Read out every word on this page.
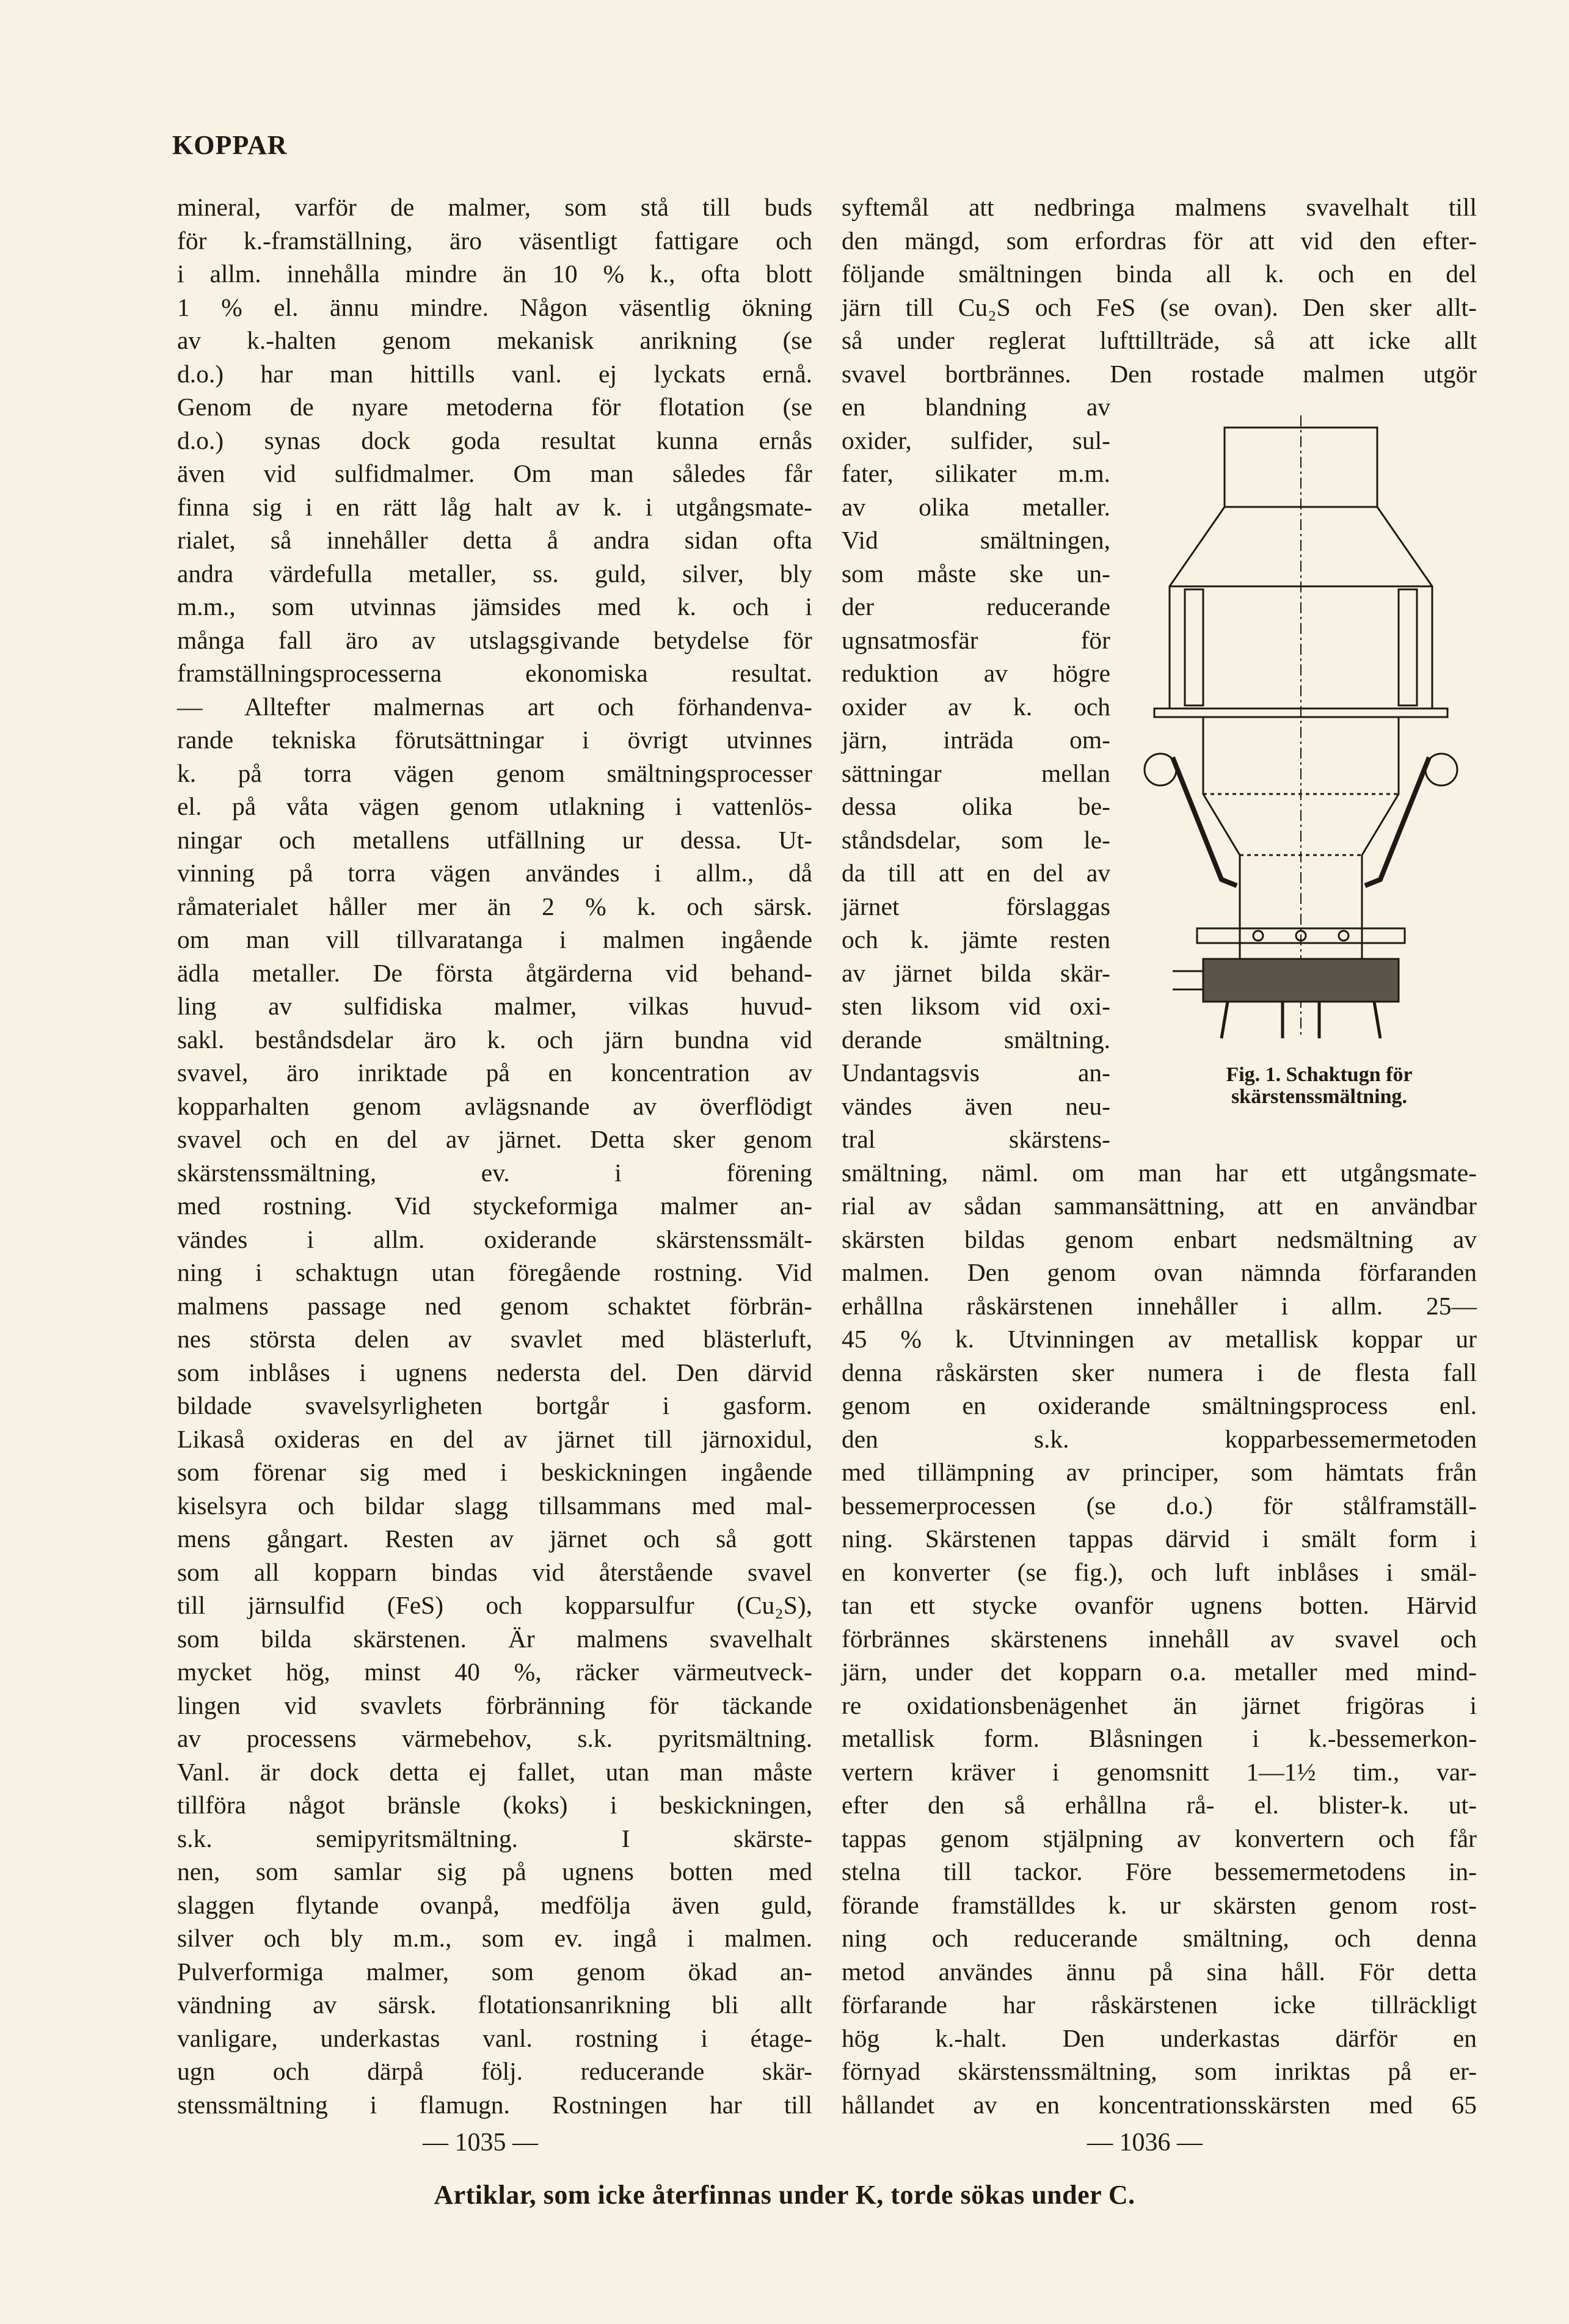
KOPPAR
mineral, varför de malmer, som stå till buds
för k.-framställning, äro väsentligt fattigare och
i allm. innehålla mindre än 10 % k., ofta blott
1 % el. ännu mindre. Någon väsentlig ökning
av k.-halten genom mekanisk anrikning (se
d.o.) har man hittills vanl. ej lyckats ernå.
Genom de nyare metoderna för flotation (se
d.o.) synas dock goda resultat kunna ernås
även vid sulfidmalmer. Om man således får
finna sig i en rätt låg halt av k. i utgångsmate-
rialet, så innehåller detta å andra sidan ofta
andra värdefulla metaller, ss. guld, silver, bly
m.m., som utvinnas jämsides med k. och i
många fall äro av utslagsgivande betydelse för
framställningsprocesserna ekonomiska resultat.
— Alltefter malmernas art och förhandenva-
rande tekniska förutsättningar i övrigt utvinnes
k. på torra vägen genom smältningsprocesser
el. på våta vägen genom utlakning i vattenlös-
ningar och metallens utfällning ur dessa. Ut-
vinning på torra vägen användes i allm., då
råmaterialet håller mer än 2 % k. och särsk.
om man vill tillvaratanga i malmen ingående
ädla metaller. De första åtgärderna vid behand-
ling av sulfidiska malmer, vilkas huvud-
sakl. beståndsdelar äro k. och järn bundna vid
svavel, äro inriktade på en koncentration av
kopparhalten genom avlägsnande av överflödigt
svavel och en del av järnet. Detta sker genom
skärstenssmältning, ev. i förening
med rostning. Vid styckeformiga malmer an-
vändes i allm. oxiderande skärstenssmält-
ning i schaktugn utan föregående rostning. Vid
malmens passage ned genom schaktet förbrän-
nes största delen av svavlet med blästerluft,
som inblåses i ugnens nedersta del. Den därvid
bildade svavelsyrligheten bortgår i gasform.
Likaså oxideras en del av järnet till järnoxidul,
som förenar sig med i beskickningen ingående
kiselsyra och bildar slagg tillsammans med mal-
mens gångart. Resten av järnet och så gott
som all kopparn bindas vid återstående svavel
till järnsulfid (FeS) och kopparsulfur (Cu₂S),
som bilda skärstenen. Är malmens svavelhalt
mycket hög, minst 40 %, räcker värmeutveck-
lingen vid svavlets förbränning för täckande
av processens värmebehov, s.k. pyritsmältning.
Vanl. är dock detta ej fallet, utan man måste
tillföra något bränsle (koks) i beskickningen,
s.k. semipyritsmältning. I skärste-
nen, som samlar sig på ugnens botten med
slaggen flytande ovanpå, medfölja även guld,
silver och bly m.m., som ev. ingå i malmen.
Pulverformiga malmer, som genom ökad an-
vändning av särsk. flotationsanrikning bli allt
vanligare, underkastas vanl. rostning i étage-
ugn och därpå följ. reducerande skär-
stenssmältning i flamugn. Rostningen har till
syftemål att nedbringa malmens svavelhalt till
den mängd, som erfordras för att vid den efter-
följande smältningen binda all k. och en del
järn till Cu₂S och FeS (se ovan). Den sker allt-
så under reglerat lufttillträde, så att icke allt
svavel bortbrännes. Den rostade malmen utgör
en blandning av
oxider, sulfider, sul-
fater, silikater m.m.
av olika metaller.
Vid smältningen,
som måste ske un-
der reducerande
ugnsatmosfär för
reduktion av högre
oxider av k. och
järn, inträda om-
sättningar mellan
dessa olika be-
ståndsdelar, som le-
da till att en del av
järnet förslaggas
och k. jämte resten
av järnet bilda skär-
sten liksom vid oxi-
derande smältning.
Undantagsvis an-
vändes även neu-
tral skärstens-
smältning, näml. om man har ett utgångsmate-
rial av sådan sammansättning, att en användbar
skärsten bildas genom enbart nedsmältning av
malmen. Den genom ovan nämnda förfaranden
erhållna råskärstenen innehåller i allm. 25—
45 % k. Utvinningen av metallisk koppar ur
denna råskärsten sker numera i de flesta fall
genom en oxiderande smältningsprocess enl.
den s.k. kopparbessemermetoden
med tillämpning av principer, som hämtats från
bessemerprocessen (se d.o.) för stålframställ-
ning. Skärstenen tappas därvid i smält form i
en konverter (se fig.), och luft inblåses i smäl-
tan ett stycke ovanför ugnens botten. Härvid
förbrännes skärstenens innehåll av svavel och
järn, under det kopparn o.a. metaller med mind-
re oxidationsbenägenhet än järnet frigöras i
metallisk form. Blåsningen i k.-bessemerkon-
vertern kräver i genomsnitt 1—1½ tim., var-
efter den så erhållna rå- el. blister-k. ut-
tappas genom stjälpning av konvertern och får
stelna till tackor. Före bessemermetodens in-
förande framställdes k. ur skärsten genom rost-
ning och reducerande smältning, och denna
metod användes ännu på sina håll. För detta
förfarande har råskärstenen icke tillräckligt
hög k.-halt. Den underkastas därför en
förnyad skärstenssmältning, som inriktas på er-
hållandet av en koncentrationsskärsten med 65
Fig. 1. Schaktugn för
skärstenssmältning.
— 1035 —	— 1036 —
Artiklar, som icke återfinnas under K, torde sökas under C.
